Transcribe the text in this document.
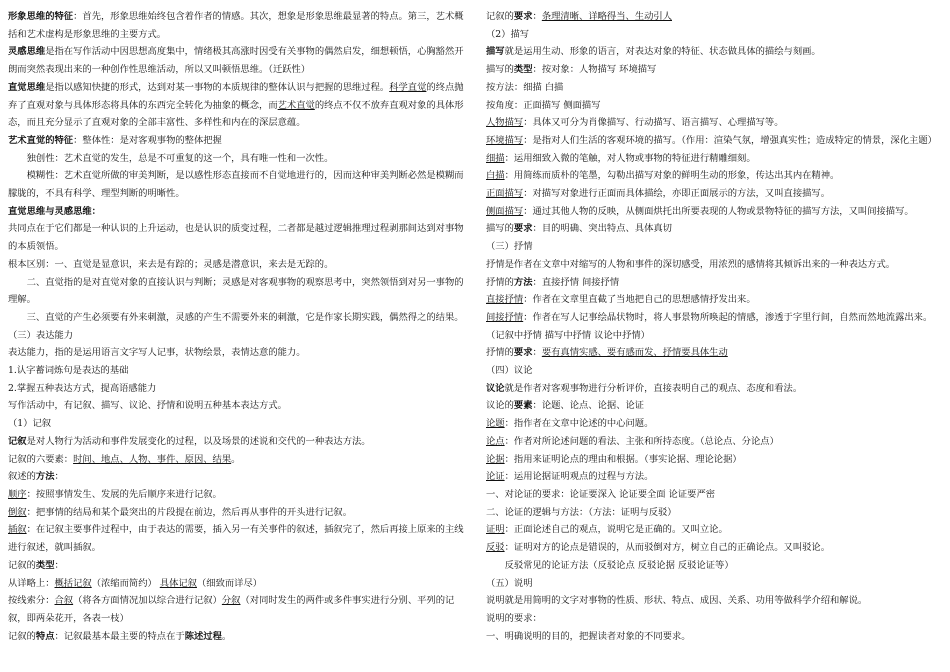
形象思维的特征：首先，形象思维始终包含着作者的情感。其次，想象是形象思维最显著的特点。第三，艺术概括和艺术虚构是形象思维的主要方式。

灵感思维是指在写作活动中因思想高度集中，情绪极其高涨时因受有关事物的偶然启发，细想顿悟，心胸豁然开朗而突然表现出来的一种创作性思维活动，所以又叫顿悟思维。（迁跃性）

直觉思维是指以感知快捷的形式，达到对某一事物的本质规律的整体认识与把握的思维过程。科学直觉的终点抛弃了直观对象与具体形态将具体的东西完全转化为抽象的概念，而艺术直觉的终点不仅不放弃直观对象的具体形态，而且充分显示了直观对象的全部丰富性、多样性和内在的深层意蕴。

艺术直觉的特征：整体性：是对客观事物的整体把握

独创性：艺术直觉的发生，总是不可重复的这一个，具有唯一性和一次性。

模糊性：艺术直觉所做的审美判断，是以感性形态直接而不自觉地进行的，因而这种审美判断必然是模糊而朦胧的，不具有科学、理型判断的明晰性。

直觉思维与灵感思维：

共同点在于它们都是一种认识的上升运动，也是认识的质变过程，二者都是越过逻辑推理过程剥那间达到对事物的本质领悟。

根本区别：一、直觉是显意识，来去是有踪的；灵感是潜意识，来去是无踪的。

二、直觉指的是对直觉对象的直接认识与判断；灵感是对客观事物的观察思考中，突然领悟到对另一事物的理解。

三、直觉的产生必须要有外来刺激，灵感的产生不需要外来的刺激，它是作家长期实践，偶然得之的结果。

（三）表达能力

表达能力，指的是运用语言文字写人记事，状物绘景，表情达意的能力。

1.认字蓄词炼句是表达的基础

2.掌握五种表达方式，提高语感能力

写作活动中，有记叙、描写、议论、抒情和说明五种基本表达方式。

（1）记叙

记叙是对人物行为活动和事件发展变化的过程，以及场景的述说和交代的一种表达方法。

记叙的六要素：时间、地点、人物、事件、原因、结果。

叙述的方法：

顺序：按照事情发生、发展的先后顺序来进行记叙。

倒叙：把事情的结局和某个最突出的片段提在前边，然后再从事件的开头进行记叙。

插叙：在记叙主要事件过程中，由于表达的需要，插入另一有关事件的叙述，插叙完了，然后再接上原来的主线进行叙述，就叫插叙。

记叙的类型：

从详略上：概括记叙（浓缩而简约） 具体记叙（细致而详尽）

按线索分：合叙（将各方面情况加以综合进行记叙）分叙（对同时发生的两件或多件事实进行分别、平列的记叙，即两朵花开，各表一枝）

记叙的特点：记叙最基本最主要的特点在于陈述过程。

记叙的要求：条理清晰、详略得当、生动引人

（2）描写

描写就是运用生动、形象的语言，对表达对象的特征、状态做具体的描绘与刻画。

描写的类型：按对象：人物描写 环境描写

按方法：细描 白描

按角度：正面描写 侧面描写

人物描写：具体又可分为肖像描写、行动描写、语言描写、心理描写等。

环境描写：是指对人们生活的客观环境的描写。（作用：渲染气氛，增强真实性；造成特定的情景，深化主题）

细描：运用细致入微的笔触，对人物或事物的特征进行精雕细刻。

白描：用简练而质朴的笔墨，勾勒出描写对象的鲜明生动的形象，传达出其内在精神。

正面描写：对描写对象进行正面而具体描绘，亦即正面展示的方法，又叫直接描写。

侧面描写：通过其他人物的反映，从侧面烘托出所要表现的人物或景物特征的描写方法，又叫间接描写。

描写的要求：目的明确、突出特点、具体真切

（三）抒情

抒情是作者在文章中对缩写的人物和事件的深切感受，用浓烈的感情将其倾诉出来的一种表达方式。

抒情的方法：直接抒情 间接抒情

直接抒情：作者在文章里直截了当地把自己的思想感情抒发出来。

间接抒情：作者在写人记事绘晶状物时，将人事景物所唤起的情感，渗透于字里行间，自然而然地流露出来。（记叙中抒情 描写中抒情 议论中抒情）

抒情的要求：要有真情实感、要有感而发、抒情要具体生动

（四）议论

议论就是作者对客观事物进行分析评价，直接表明自己的观点、态度和看法。

议论的要素：论题、论点、论据、论证

论题：指作者在文章中论述的中心问题。

论点：作者对所论述问题的看法、主张和所持态度。（总论点、分论点）

论据：指用来证明论点的理由和根据。（事实论据、理论论据）

论证：运用论据证明观点的过程与方法。

一、对论证的要求：论证要深入 论证要全面 论证要严密

二、论证的逻辑与方法：（方法：证明与反驳）

证明：正面论述自己的观点，说明它是正确的。又叫立论。

反驳：证明对方的论点是错误的，从而驳倒对方，树立自己的正确论点。又叫驳论。

反驳常见的论证方法（反驳论点 反驳论据 反驳论证等）

（五）说明

说明就是用简明的文字对事物的性质、形状、特点、成因、关系、功用等做科学介绍和解说。

说明的要求：

一、明确说明的目的，把握读者对象的不同要求。
